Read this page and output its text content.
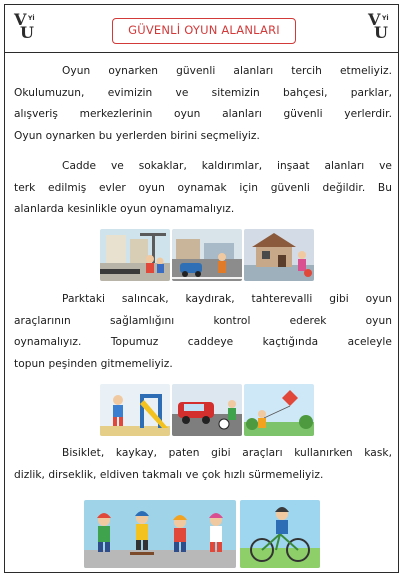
V Yİ
U
V Yİ
U
GÜVENLİ OYUN ALANLARI

Oyun oynarken güvenli alanları tercih etmeliyiz.
Okulumuzun, evimizin ve sitemizin bahçesi, parklar,
alışveriş merkezlerinin oyun alanları güvenli yerlerdir.
Oyun oynarken bu yerlerden birini seçmeliyiz.

Cadde ve sokaklar, kaldırımlar, inşaat alanları ve
terk edilmiş evler oyun oynamak için güvenli değildir. Bu
alanlarda kesinlikle oyun oynamamalıyız.

Parktaki salıncak, kaydırak, tahterevalli gibi oyun
araçlarının sağlamlığını kontrol ederek oyun
oynamalıyız. Topumuz caddeye kaçtığında aceleyle
topun peşinden gitmemeliyiz.

Bisiklet, kaykay, paten gibi araçları kullanırken kask,
dizlik, dirseklik, eldiven takmalı ve çok hızlı sürmemeliyiz.
